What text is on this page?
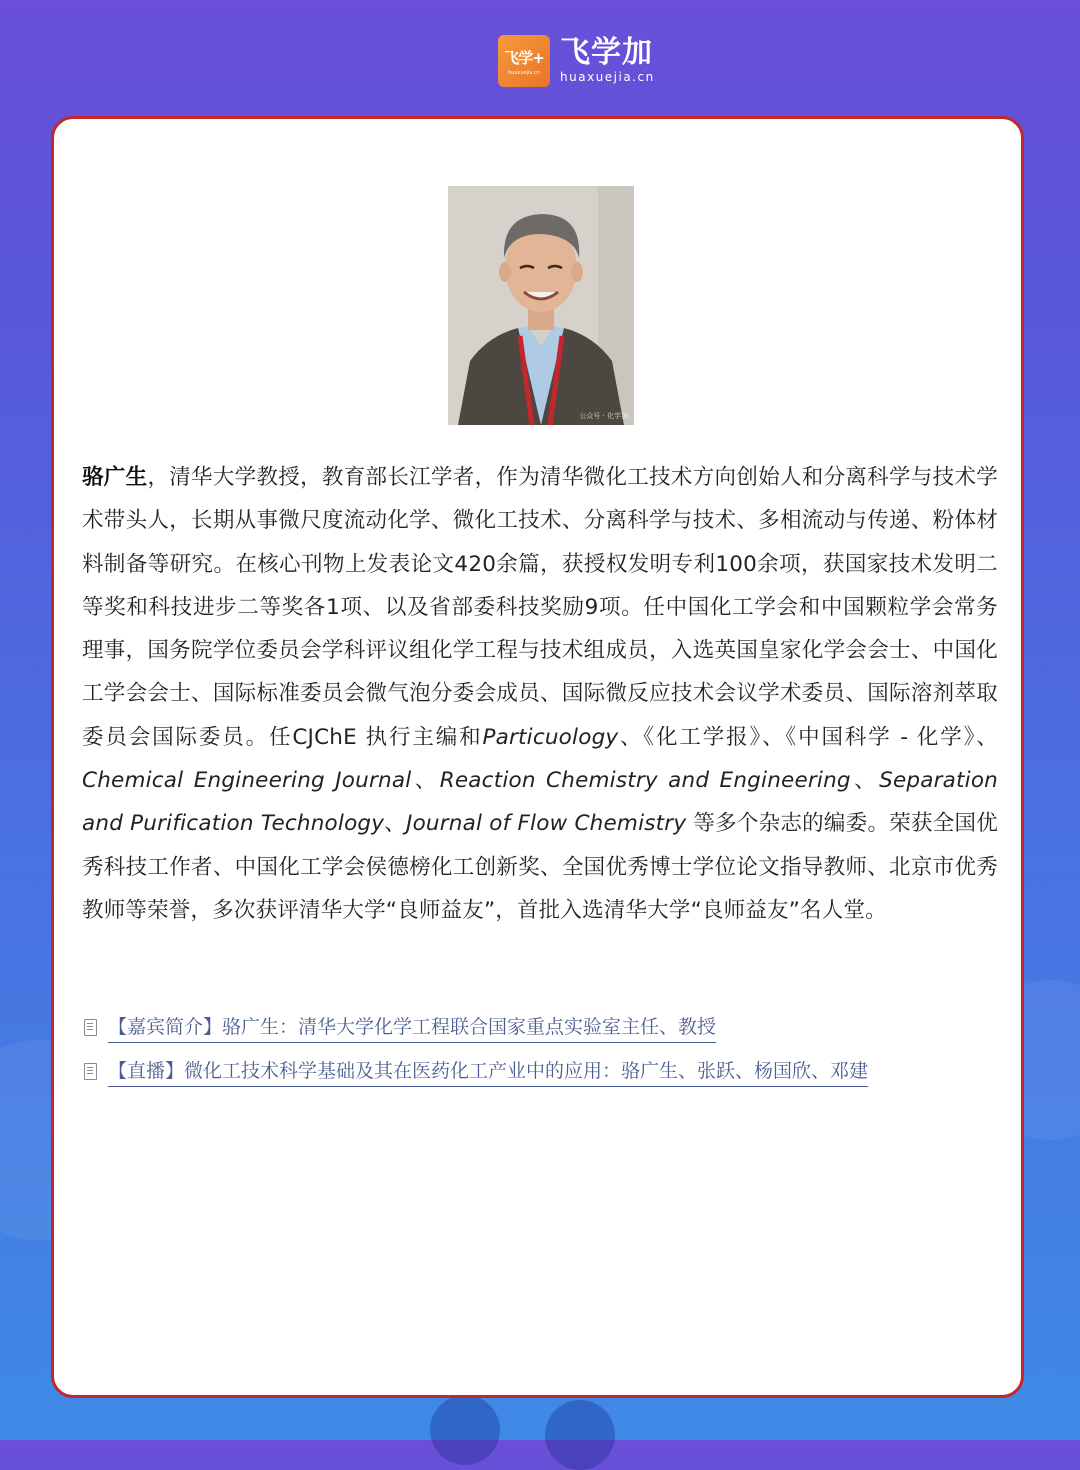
飞学+
huaxuejia.cn
飞学加
huaxuejia.cn
公众号 · 化学加

骆广生，清华大学教授，教育部长江学者，作为清华微化工技术方向创始人和分离科学与技术学术带头人，长期从事微尺度流动化学、微化工技术、分离科学与技术、多相流动与传递、粉体材料制备等研究。在核心刊物上发表论文420余篇，获授权发明专利100余项，获国家技术发明二等奖和科技进步二等奖各1项、以及省部委科技奖励9项。任中国化工学会和中国颗粒学会常务理事，国务院学位委员会学科评议组化学工程与技术组成员，入选英国皇家化学会会士、中国化工学会会士、国际标准委员会微气泡分委会成员、国际微反应技术会议学术委员、国际溶剂萃取委员会国际委员。任CJChE 执行主编和Particuology、《化工学报》、《中国科学 - 化学》、Chemical Engineering Journal、Reaction Chemistry and Engineering、Separation and Purification Technology、Journal of Flow Chemistry 等多个杂志的编委。荣获全国优秀科技工作者、中国化工学会侯德榜化工创新奖、全国优秀博士学位论文指导教师、北京市优秀教师等荣誉，多次获评清华大学“良师益友”，首批入选清华大学“良师益友”名人堂。

【嘉宾简介】骆广生：清华大学化学工程联合国家重点实验室主任、教授
【直播】微化工技术科学基础及其在医药化工产业中的应用：骆广生、张跃、杨国欣、邓建
